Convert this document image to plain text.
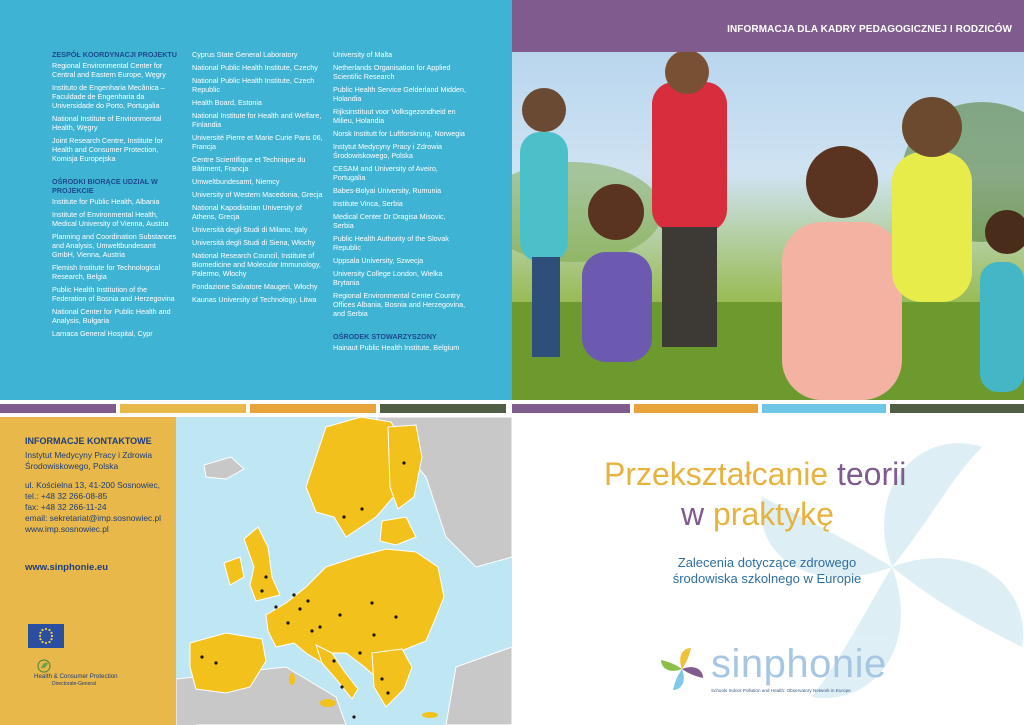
ZESPÓŁ KOORDYNACJI PROJEKTU

Regional Environmental Center for Central and Eastern Europe, Węgry

Instituto de Engenharia Mecânica – Faculdade de Engenharia da Universidade do Porto, Portugalia

National Institute of Environmental Health, Węgry

Joint Research Centre, Institute for Health and Consumer Protection, Komisja Europejska

OŚRODKI BIORĄCE UDZIAŁ W PROJEKCIE

Institute for Public Health, Albania

Institute of Environmental Health, Medical University of Vienna, Austria

Planning and Coordination Substances and Analysis, Umweltbundesamt GmbH, Vienna, Austria

Flemish Institute for Technological Research, Belgia

Public Health Institution of the Federation of Bosnia and Herzegovina

National Center for Public Health and Analysis, Bułgaria

Larnaca General Hospital, Cypr

Cyprus State General Laboratory

National Public Health Institute, Czechy

National Public Health Institute, Czech Republic

Health Board, Estonia

National Institute for Health and Welfare, Finlandia

Université Pierre et Marie Curie Paris 06, Francja

Centre Scientifique et Technique du Bâtiment, Francja

Umweltbundesamt, Niemcy

University of Western Macedonia, Grecja

National Kapodistrian University of Athens, Grecja

Università degli Studi di Milano, Italy

Università degli Studi di Siena, Włochy

National Research Council, Institute of Biomedicine and Molecular Immunology, Palermo, Włochy

Fondazione Salvatore Maugeri, Włochy

Kaunas University of Technology, Litwa

University of Malta

Netherlands Organisation for Applied Scientific Research

Public Health Service Gelderland Midden, Holandia

Rijksinstituut voor Volksgezondheid en Milieu, Holandia

Norsk Institutt for Luftforskning, Norwegia

Instytut Medycyny Pracy i Zdrowia Środowiskowego, Polska

CESAM and University of Aveiro, Portugalia

Babes-Bolyai University, Rumunia

Institute Vinca, Serbia

Medical Center Dr Dragisa Misovic, Serbia

Public Health Authority of the Slovak Republic

Uppsala University, Szwecja

University College London, Wielka Brytania

Regional Environmental Center Country Offices Albania, Bosnia and Herzegovina, and Serbia

OŚRODEK STOWARZYSZONY

Hainaut Public Health Institute, Belgium

INFORMACJA DLA KADRY PEDAGOGICZNEJ I RODZICÓW
INFORMACJE KONTAKTOWE
Instytut Medycyny Pracy i Zdrowia
Środowiskowego, Polska
ul. Kościelna 13, 41-200 Sosnowiec,
tel.: +48 32 266-08-85
fax: +48 32 266-11-24
email: sekretariat@imp.sosnowiec.pl
www.imp.sosnowiec.pl
www.sinphonie.eu
Health & Consumer Protection
Directorate-General
Przekształcanie teorii
w praktykę
Zalecenia dotyczące zdrowego
środowiska szkolnego w Europie
sinphonie
Schools Indoor Pollution and Health: Observatory Network in Europe
